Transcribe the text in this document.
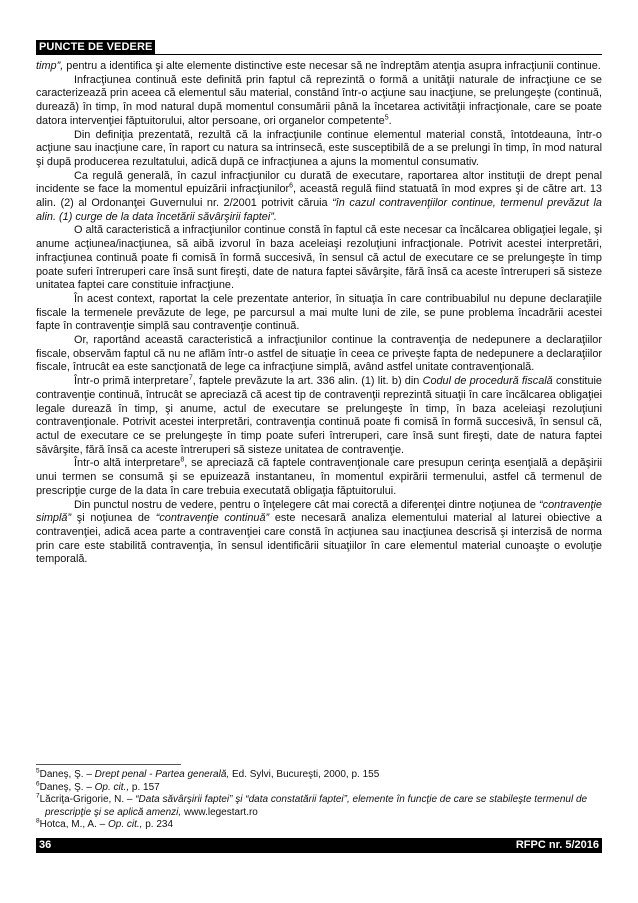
PUNCTE DE VEDERE

timp”, pentru a identifica şi alte elemente distinctive este necesar să ne îndreptăm atenţia asupra infracţiunii continue.

Infracţiunea continuă este definită prin faptul că reprezintă o formă a unităţii naturale de infracţiune ce se caracterizează prin aceea că elementul său material, constând într-o acţiune sau inacţiune, se prelungeşte (continuă, durează) în timp, în mod natural după momentul consumării până la încetarea activităţii infracţionale, care se poate datora intervenţiei făptuitorului, altor persoane, ori organelor competente$^5$.

Din definiţia prezentată, rezultă că la infracţiunile continue elementul material constă, întotdeauna, într-o acţiune sau inacţiune care, în raport cu natura sa intrinsecă, este susceptibilă de a se prelungi în timp, în mod natural şi după producerea rezultatului, adică după ce infracţiunea a ajuns la momentul consumativ.

Ca regulă generală, în cazul infracţiunilor cu durată de executare, raportarea altor instituţii de drept penal incidente se face la momentul epuizării infracţiunilor$^6$, această regulă fiind statuată în mod expres şi de către art. 13 alin. (2) al Ordonanţei Guvernului nr. 2/2001 potrivit căruia “în cazul contravenţiilor continue, termenul prevăzut la alin. (1) curge de la data încetării săvârşirii faptei”.

O altă caracteristică a infracţiunilor continue constă în faptul că este necesar ca încălcarea obligaţiei legale, şi anume acţiunea/inacţiunea, să aibă izvorul în baza aceleiaşi rezoluţiuni infracţionale. Potrivit acestei interpretări, infracţiunea continuă poate fi comisă în formă succesivă, în sensul că actul de executare ce se prelungeşte în timp poate suferi întreruperi care însă sunt fireşti, date de natura faptei săvârşite, fără însă ca aceste întreruperi să sisteze unitatea faptei care constituie infracţiune.

În acest context, raportat la cele prezentate anterior, în situaţia în care contribuabilul nu depune declaraţiile fiscale la termenele prevăzute de lege, pe parcursul a mai multe luni de zile, se pune problema încadrării acestei fapte în contravenţie simplă sau contravenţie continuă.

Or, raportând această caracteristică a infracţiunilor continue la contravenţia de nedepunere a declaraţiilor fiscale, observăm faptul că nu ne aflăm într-o astfel de situaţie în ceea ce priveşte fapta de nedepunere a declaraţiilor fiscale, întrucât ea este sancţionată de lege ca infracţiune simplă, având astfel unitate contravenţională.

Într-o primă interpretare$^7$, faptele prevăzute la art. 336 alin. (1) lit. b) din Codul de procedură fiscală constituie contravenţie continuă, întrucât se apreciază că acest tip de contravenţii reprezintă situaţii în care încălcarea obligaţiei legale durează în timp, şi anume, actul de executare se prelungeşte în timp, în baza aceleiaşi rezoluţiuni contravenţionale. Potrivit acestei interpretări, contravenţia continuă poate fi comisă în formă succesivă, în sensul că, actul de executare ce se prelungeşte în timp poate suferi întreruperi, care însă sunt fireşti, date de natura faptei săvârşite, fără însă ca aceste întreruperi să sisteze unitatea de contravenţie.

Într-o altă interpretare$^8$, se apreciază că faptele contravenţionale care presupun cerinţa esenţială a depăşirii unui termen se consumă şi se epuizează instantaneu, în momentul expirării termenului, astfel că termenul de prescripţie curge de la data în care trebuia executată obligaţia făptuitorului.

Din punctul nostru de vedere, pentru o înţelegere cât mai corectă a diferenţei dintre noţiunea de “contravenţie simplă” şi noţiunea de “contravenţie continuă” este necesară analiza elementului material al laturei obiective a contravenţiei, adică acea parte a contravenţiei care constă în acţiunea sau inacţiunea descrisă şi interzisă de norma prin care este stabilită contravenţia, în sensul identificării situaţiilor în care elementul material cunoaşte o evoluţie temporală.

$^5$Daneş, Ş. – Drept penal - Partea generală, Ed. Sylvi, Bucureşti, 2000, p. 155

$^6$Daneş, Ş. – Op. cit., p. 157

$^7$Lăcriţa-Grigorie, N. – “Data săvârşirii faptei” şi “data constatării faptei”, elemente în funcţie de care se stabileşte termenul de prescripţie şi se aplică amenzi, www.legestart.ro

$^8$Hotca, M., A. – Op. cit., p. 234

36	RFPC nr. 5/2016
